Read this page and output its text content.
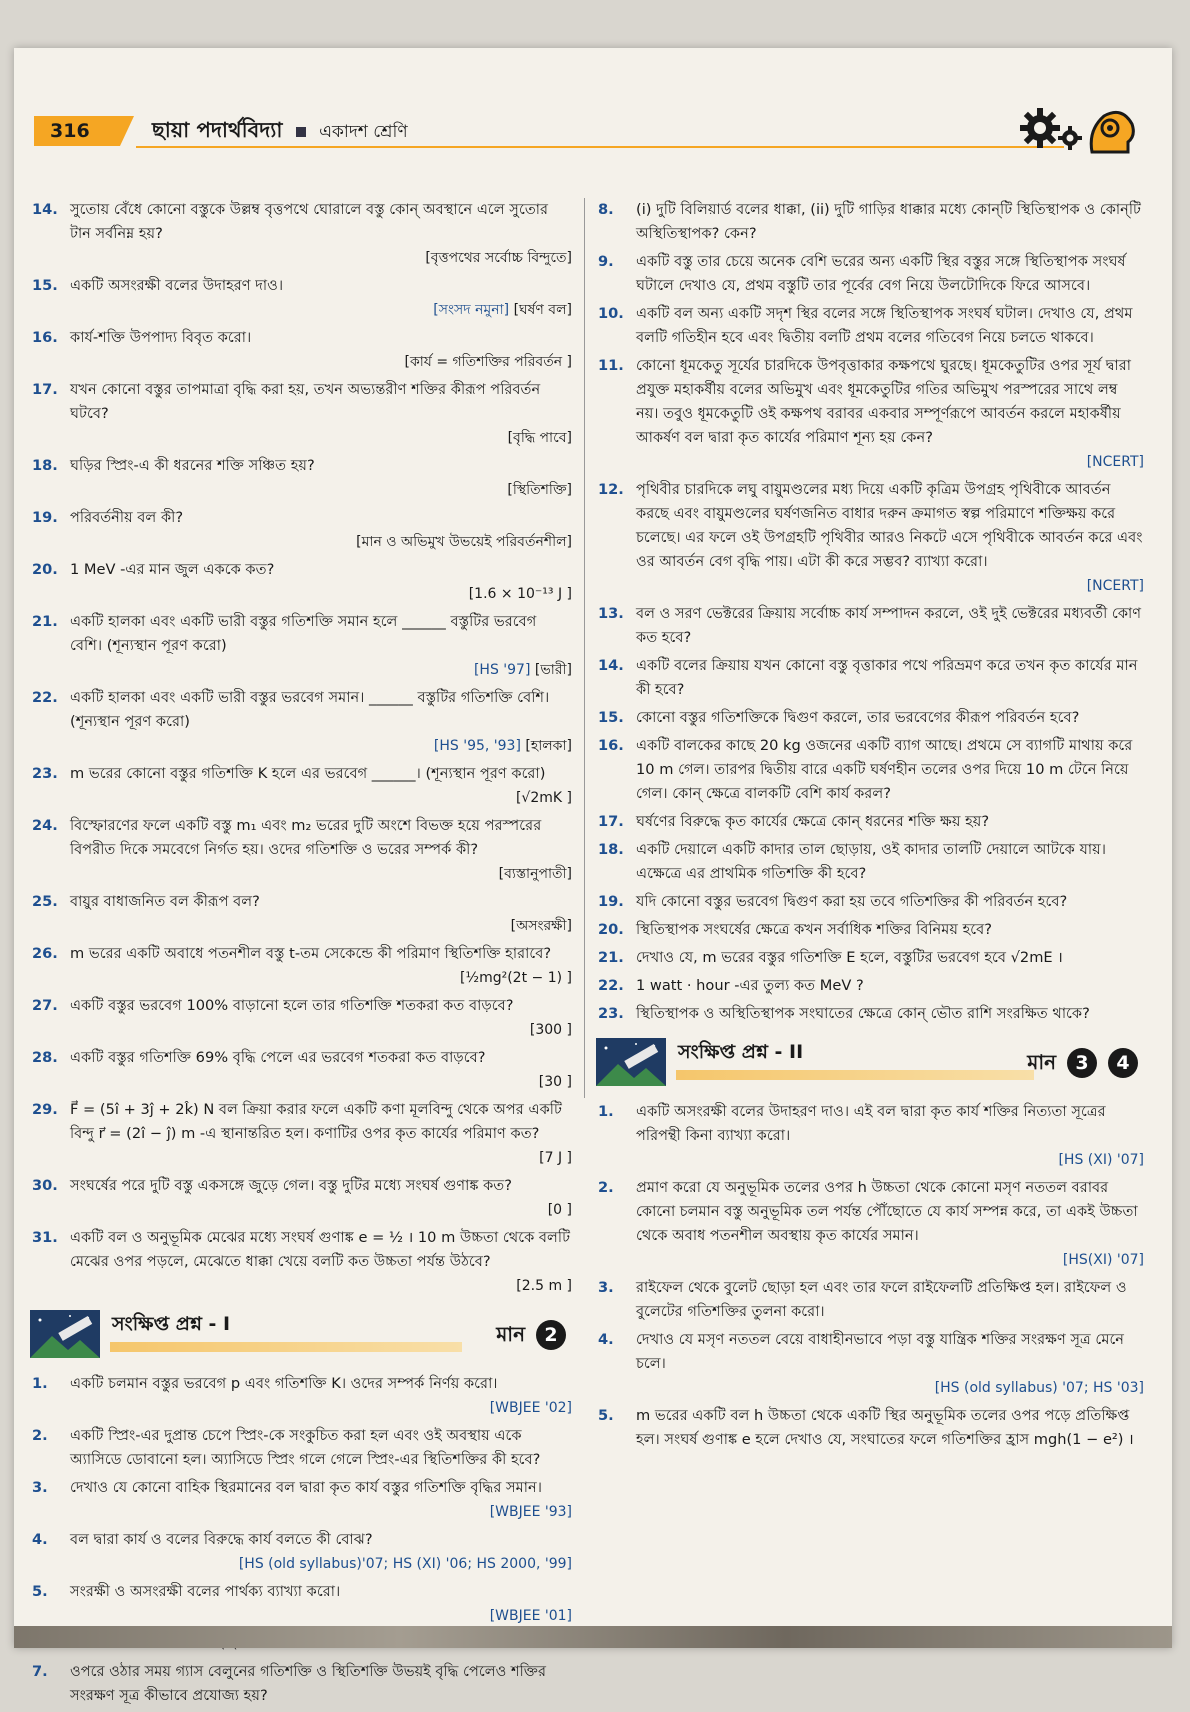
316	ছায়া পদার্থবিদ্যা একাদশ শ্রেণি
14. সুতোয় বেঁধে কোনো বস্তুকে উল্লম্ব বৃত্তপথে ঘোরালে বস্তু কোন্ অবস্থানে এলে সুতোর টান সর্বনিম্ন হয়?
[বৃত্তপথের সর্বোচ্চ বিন্দুতে]
15. একটি অসংরক্ষী বলের উদাহরণ দাও।
[সংসদ নমুনা] [ঘর্ষণ বল]
16. কার্য-শক্তি উপপাদ্য বিবৃত করো।
[কার্য = গতিশক্তির পরিবর্তন ]
17. যখন কোনো বস্তুর তাপমাত্রা বৃদ্ধি করা হয়, তখন অভ্যন্তরীণ শক্তির কীরূপ পরিবর্তন ঘটবে?
[বৃদ্ধি পাবে]
18. ঘড়ির স্প্রিং-এ কী ধরনের শক্তি সঞ্চিত হয়?
[স্থিতিশক্তি]
19. পরিবর্তনীয় বল কী?
[মান ও অভিমুখ উভয়েই পরিবর্তনশীল]
20. 1 MeV -এর মান জুল এককে কত?
[1.6 × 10⁻¹³ J ]
21. একটি হালকা এবং একটি ভারী বস্তুর গতিশক্তি সমান হলে ______ বস্তুটির ভরবেগ বেশি। (শূন্যস্থান পূরণ করো)
[HS '97] [ভারী]
22. একটি হালকা এবং একটি ভারী বস্তুর ভরবেগ সমান। ______ বস্তুটির গতিশক্তি বেশি। (শূন্যস্থান পূরণ করো)
[HS '95, '93] [হালকা]
23. m ভরের কোনো বস্তুর গতিশক্তি K হলে এর ভরবেগ ______। (শূন্যস্থান পূরণ করো)
[√2mK ]
24. বিস্ফোরণের ফলে একটি বস্তু m₁ এবং m₂ ভরের দুটি অংশে বিভক্ত হয়ে পরস্পরের বিপরীত দিকে সমবেগে নির্গত হয়। ওদের গতিশক্তি ও ভরের সম্পর্ক কী?
[ব্যস্তানুপাতী]
25. বায়ুর বাধাজনিত বল কীরূপ বল?
[অসংরক্ষী]
26. m ভরের একটি অবাধে পতনশীল বস্তু t-তম সেকেন্ডে কী পরিমাণ স্থিতিশক্তি হারাবে?
[½mg²(2t − 1) ]
27. একটি বস্তুর ভরবেগ 100% বাড়ানো হলে তার গতিশক্তি শতকরা কত বাড়বে?
[300 ]
28. একটি বস্তুর গতিশক্তি 69% বৃদ্ধি পেলে এর ভরবেগ শতকরা কত বাড়বে?
[30 ]
29. F⃗ = (5î + 3ĵ + 2k̂) N বল ক্রিয়া করার ফলে একটি কণা মূলবিন্দু থেকে অপর একটি বিন্দু r⃗ = (2î − ĵ) m -এ স্থানান্তরিত হল। কণাটির ওপর কৃত কার্যের পরিমাণ কত?
[7 J ]
30. সংঘর্ষের পরে দুটি বস্তু একসঙ্গে জুড়ে গেল। বস্তু দুটির মধ্যে সংঘর্ষ গুণাঙ্ক কত?
[0 ]
31. একটি বল ও অনুভূমিক মেঝের মধ্যে সংঘর্ষ গুণাঙ্ক e = ½ । 10 m উচ্চতা থেকে বলটি মেঝের ওপর পড়লে, মেঝেতে ধাক্কা খেয়ে বলটি কত উচ্চতা পর্যন্ত উঠবে?
[2.5 m ]
সংক্ষিপ্ত প্রশ্ন - I	মান 2
1. একটি চলমান বস্তুর ভরবেগ p এবং গতিশক্তি K। ওদের সম্পর্ক নির্ণয় করো।
[WBJEE '02]
2. একটি স্প্রিং-এর দুপ্রান্ত চেপে স্প্রিং-কে সংকুচিত করা হল এবং ওই অবস্থায় একে অ্যাসিডে ডোবানো হল। অ্যাসিডে স্প্রিং গলে গেলে স্প্রিং-এর স্থিতিশক্তির কী হবে?
3. দেখাও যে কোনো বাহিক স্থিরমানের বল দ্বারা কৃত কার্য বস্তুর গতিশক্তি বৃদ্ধির সমান।
[WBJEE '93]
4. বল দ্বারা কার্য ও বলের বিরুদ্ধে কার্য বলতে কী বোঝ?
[HS (old syllabus)'07; HS (XI) '06; HS 2000, '99]
5. সংরক্ষী ও অসংরক্ষী বলের পার্থক্য ব্যাখ্যা করো।
[WBJEE '01]
7. ওপরে ওঠার সময় গ্যাস বেলুনের গতিশক্তি ও স্থিতিশক্তি উভয়ই বৃদ্ধি পেলেও শক্তির সংরক্ষণ সূত্র কীভাবে প্রযোজ্য হয়?
8. (i) দুটি বিলিয়ার্ড বলের ধাক্কা, (ii) দুটি গাড়ির ধাক্কার মধ্যে কোন্‌টি স্থিতিস্থাপক ও কোন্‌টি অস্থিতিস্থাপক? কেন?
9. একটি বস্তু তার চেয়ে অনেক বেশি ভরের অন্য একটি স্থির বস্তুর সঙ্গে স্থিতিস্থাপক সংঘর্ষ ঘটালে দেখাও যে, প্রথম বস্তুটি তার পূর্বের বেগ নিয়ে উলটোদিকে ফিরে আসবে।
10. একটি বল অন্য একটি সদৃশ স্থির বলের সঙ্গে স্থিতিস্থাপক সংঘর্ষ ঘটাল। দেখাও যে, প্রথম বলটি গতিহীন হবে এবং দ্বিতীয় বলটি প্রথম বলের গতিবেগ নিয়ে চলতে থাকবে।
11. কোনো ধূমকেতু সূর্যের চারদিকে উপবৃত্তাকার কক্ষপথে ঘুরছে। ধূমকেতুটির ওপর সূর্য দ্বারা প্রযুক্ত মহাকর্ষীয় বলের অভিমুখ এবং ধূমকেতুটির গতির অভিমুখ পরস্পরের সাথে লম্ব নয়। তবুও ধূমকেতুটি ওই কক্ষপথ বরাবর একবার সম্পূর্ণরূপে আবর্তন করলে মহাকর্ষীয় আকর্ষণ বল দ্বারা কৃত কার্যের পরিমাণ শূন্য হয় কেন?
[NCERT]
12. পৃথিবীর চারদিকে লঘু বায়ুমণ্ডলের মধ্য দিয়ে একটি কৃত্রিম উপগ্রহ পৃথিবীকে আবর্তন করছে এবং বায়ুমণ্ডলের ঘর্ষণজনিত বাধার দরুন ক্রমাগত স্বল্প পরিমাণে শক্তিক্ষয় করে চলেছে। এর ফলে ওই উপগ্রহটি পৃথিবীর আরও নিকটে এসে পৃথিবীকে আবর্তন করে এবং ওর আবর্তন বেগ বৃদ্ধি পায়। এটা কী করে সম্ভব? ব্যাখ্যা করো।
[NCERT]
13. বল ও সরণ ভেক্টরের ক্রিয়ায় সর্বোচ্চ কার্য সম্পাদন করলে, ওই দুই ভেক্টরের মধ্যবর্তী কোণ কত হবে?
14. একটি বলের ক্রিয়ায় যখন কোনো বস্তু বৃত্তাকার পথে পরিভ্রমণ করে তখন কৃত কার্যের মান কী হবে?
15. কোনো বস্তুর গতিশক্তিকে দ্বিগুণ করলে, তার ভরবেগের কীরূপ পরিবর্তন হবে?
16. একটি বালকের কাছে 20 kg ওজনের একটি ব্যাগ আছে। প্রথমে সে ব্যাগটি মাথায় করে 10 m গেল। তারপর দ্বিতীয় বারে একটি ঘর্ষণহীন তলের ওপর দিয়ে 10 m টেনে নিয়ে গেল। কোন্ ক্ষেত্রে বালকটি বেশি কার্য করল?
17. ঘর্ষণের বিরুদ্ধে কৃত কার্যের ক্ষেত্রে কোন্ ধরনের শক্তি ক্ষয় হয়?
18. একটি দেয়ালে একটি কাদার তাল ছোড়ায়, ওই কাদার তালটি দেয়ালে আটকে যায়। এক্ষেত্রে এর প্রাথমিক গতিশক্তি কী হবে?
19. যদি কোনো বস্তুর ভরবেগ দ্বিগুণ করা হয় তবে গতিশক্তির কী পরিবর্তন হবে?
20. স্থিতিস্থাপক সংঘর্ষের ক্ষেত্রে কখন সর্বাধিক শক্তির বিনিময় হবে?
21. দেখাও যে, m ভরের বস্তুর গতিশক্তি E হলে, বস্তুটির ভরবেগ হবে √2mE ।
22. 1 watt · hour -এর তুল্য কত MeV ?
23. স্থিতিস্থাপক ও অস্থিতিস্থাপক সংঘাতের ক্ষেত্রে কোন্ ভৌত রাশি সংরক্ষিত থাকে?
সংক্ষিপ্ত প্রশ্ন - II	মান 3 4
1. একটি অসংরক্ষী বলের উদাহরণ দাও। এই বল দ্বারা কৃত কার্য শক্তির নিত্যতা সূত্রের পরিপন্থী কিনা ব্যাখ্যা করো।
[HS (XI) '07]
2. প্রমাণ করো যে অনুভূমিক তলের ওপর h উচ্চতা থেকে কোনো মসৃণ নততল বরাবর কোনো চলমান বস্তু অনুভূমিক তল পর্যন্ত পৌঁছোতে যে কার্য সম্পন্ন করে, তা একই উচ্চতা থেকে অবাধ পতনশীল অবস্থায় কৃত কার্যের সমান।
[HS(XI) '07]
3. রাইফেল থেকে বুলেট ছোড়া হল এবং তার ফলে রাইফেলটি প্রতিক্ষিপ্ত হল। রাইফেল ও বুলেটের গতিশক্তির তুলনা করো।
4. দেখাও যে মসৃণ নততল বেয়ে বাধাহীনভাবে পড়া বস্তু যান্ত্রিক শক্তির সংরক্ষণ সূত্র মেনে চলে।
[HS (old syllabus) '07; HS '03]
5. m ভরের একটি বল h উচ্চতা থেকে একটি স্থির অনুভূমিক তলের ওপর পড়ে প্রতিক্ষিপ্ত হল। সংঘর্ষ গুণাঙ্ক e হলে দেখাও যে, সংঘাতের ফলে গতিশক্তির হ্রাস mgh(1 − e²) ।
